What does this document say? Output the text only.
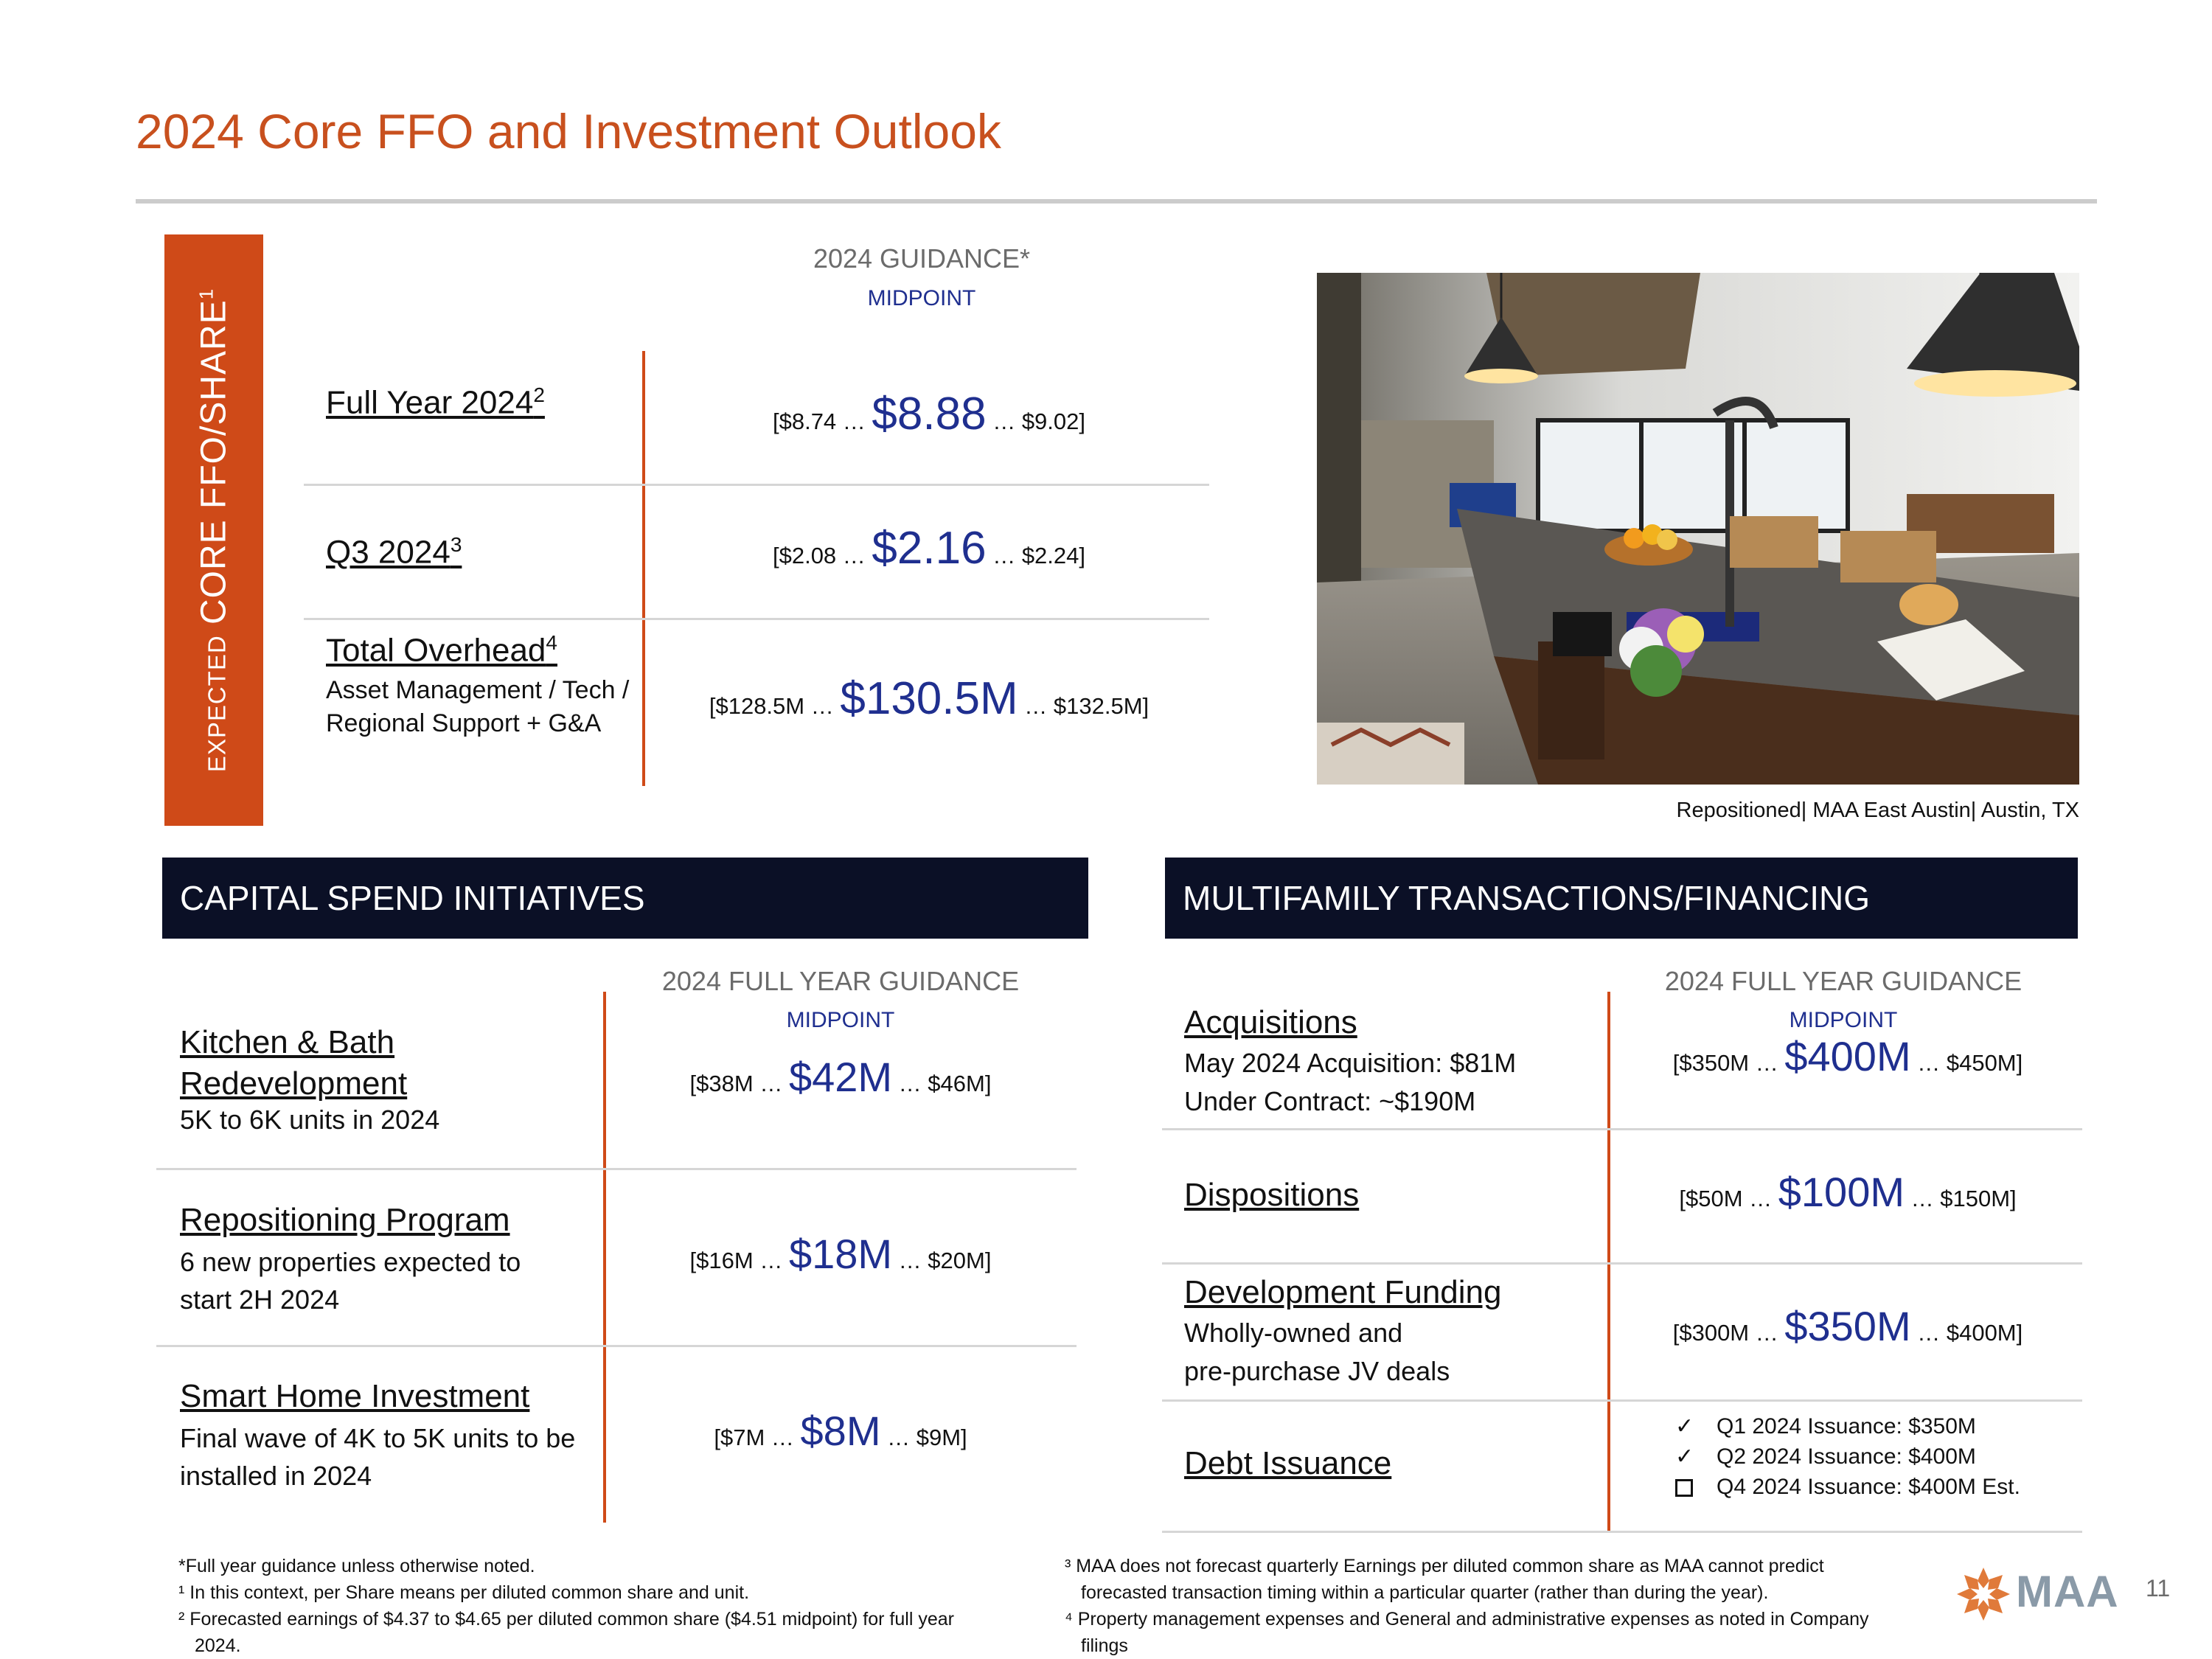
2024 Core FFO and Investment Outlook
EXPECTED CORE FFO/SHARE$^1$
2024 GUIDANCE*
MIDPOINT
Full Year 2024$^2$
[$8.74 … $8.88 … $9.02]
Q3 2024$^3$	[$2.08 … $2.16 … $2.24]
Total Overhead$^4$
Asset Management / Tech / Regional Support + G&A
[$128.5M … $130.5M … $132.5M]
Repositioned| MAA East Austin| Austin, TX
CAPITAL SPEND INITIATIVES
2024 FULL YEAR GUIDANCE
MIDPOINT
Kitchen & Bath Redevelopment
5K to 6K units in 2024
[$38M … $42M … $46M]
Repositioning Program
6 new properties expected to start 2H 2024
[$16M … $18M … $20M]
Smart Home Investment
Final wave of 4K to 5K units to be installed in 2024
[$7M … $8M … $9M]
MULTIFAMILY TRANSACTIONS/FINANCING
2024 FULL YEAR GUIDANCE
MIDPOINT
Acquisitions
May 2024 Acquisition: $81M
Under Contract: ~$190M
[$350M … $400M … $450M]
Dispositions	[$50M … $100M … $150M]
Development Funding
Wholly-owned and
pre-purchase JV deals
[$300M … $350M … $400M]
Debt Issuance
✓ Q1 2024 Issuance: $350M
✓ Q2 2024 Issuance: $400M
Q4 2024 Issuance: $400M Est.
*Full year guidance unless otherwise noted.
¹ In this context, per Share means per diluted common share and unit.
² Forecasted earnings of $4.37 to $4.65 per diluted common share ($4.51 midpoint) for full year
2024.
³ MAA does not forecast quarterly Earnings per diluted common share as MAA cannot predict
forecasted transaction timing within a particular quarter (rather than during the year).
⁴ Property management expenses and General and administrative expenses as noted in Company
filings
MAA 11
